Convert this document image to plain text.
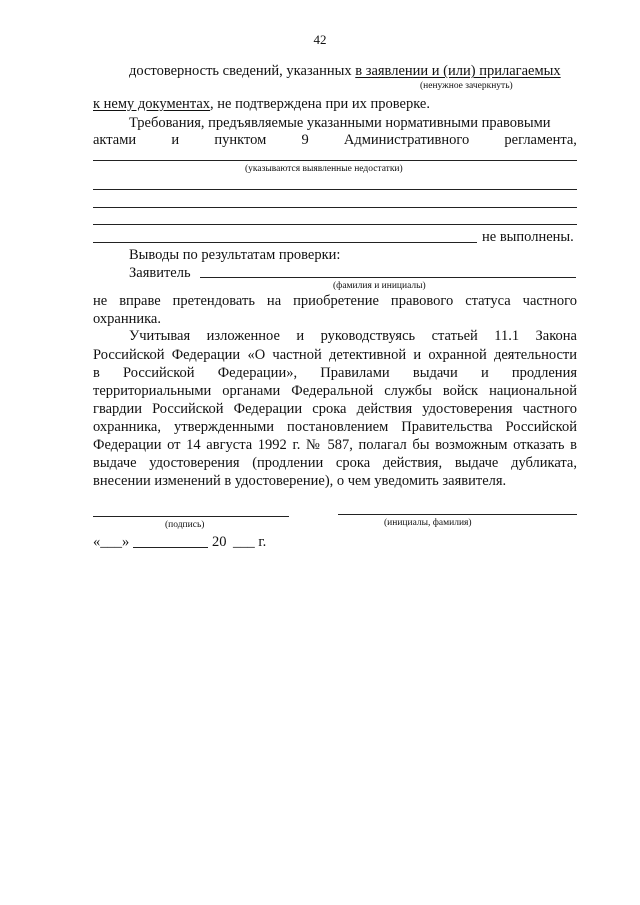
42
достоверность сведений, указанных в заявлении и (или) прилагаемых
(ненужное зачеркнуть)
к нему документах, не подтверждена при их проверке.
Требования, предъявляемые указанными нормативными правовыми
актами и пунктом 9 Административного регламента,
(указываются выявленные недостатки)
не выполнены.
Выводы по результатам проверки:
Заявитель
(фамилия и инициалы)
не вправе претендовать на приобретение правового статуса частного
охранника.
Учитывая изложенное и руководствуясь статьей 11.1 Закона
Российской Федерации «О частной детективной и охранной деятельности
в Российской Федерации», Правилами выдачи и продления
территориальными органами Федеральной службы войск национальной
гвардии Российской Федерации срока действия удостоверения частного
охранника, утвержденными постановлением Правительства Российской
Федерации от 14 августа 1992 г. № 587, полагал бы возможным отказать в
выдаче удостоверения (продлении срока действия, выдаче дубликата,
внесении изменений в удостоверение), о чем уведомить заявителя.
(подпись)	(инициалы, фамилия)
«___»	20 ___ г.
